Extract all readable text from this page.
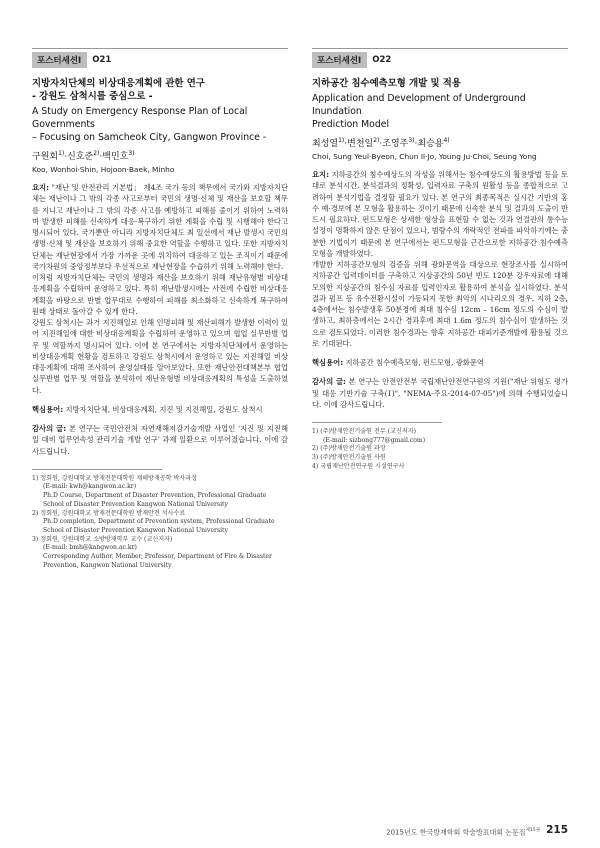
포스터세션Ⅰ	O21
지방자치단체의 비상대응계획에 관한 연구
- 강원도 삼척시를 중심으로 -
A Study on Emergency Response Plan of Local Governments
– Focusing on Samcheok City, Gangwon Province -
구원회$^{1)}$·신호준$^{2)}$·백민호$^{3)}$
Koo, Wonhoi·Shin, Hojoon·Baek, Minho
요지: "재난 및 안전관리 기본법」 제4조 국가 등의 책무에서 국가와 지방자치단체는 재난이나 그 밖의 각종 사고로부터 국민의 생명·신체 및 재산을 보호할 책무를 지니고 재난이나 그 밖의 각종 사고를 예방하고 피해를 줄이기 위하여 노력하며 발생한 피해를 신속하게 대응·복구하기 위한 계획을 수립 및 시행해야 한다고 명시되어 있다. 국가뿐만 아니라 지방자치단체도 최 일선에서 재난 발생시 국민의 생명·신체 및 재산을 보호하기 위해 중요한 역할을 수행하고 있다. 또한 지방자치단체는 재난현장에서 가장 가까운 곳에 위치하여 대응하고 있는 조직이기 때문에 국가차원의 중앙정부보다 우선적으로 재난현장을 수습하기 위해 노력해야 한다.
이처럼 지방자치단체는 국민의 생명과 재산을 보호하기 위해 재난유형별 비상대응계획을 수립하여 운영하고 있다. 특히 재난발생시에는 사전에 수립한 비상대응계획을 바탕으로 반별 업무대로 수행하여 피해를 최소화하고 신속하게 복구하여 원래 상태로 돌아갈 수 있게 한다.
강원도 삼척시는 과거 지진해일로 인해 인명피해 및 재산피해가 발생한 이력이 있어 지진해일에 대한 비상대응계획을 수립하여 운영하고 있으며 협업 실무반별 업무 및 역할까지 명시되어 있다. 이에 본 연구에서는 지방자치단체에서 운영하는 비상대응계획 현황을 검토하고 강원도 삼척시에서 운영하고 있는 지진해일 비상대응계획에 대해 조사하여 운영실태를 알아보았다. 또한 재난안전대책본부 협업 실무반별 업무 및 역할을 분석하여 재난유형별 비상대응계획의 특성을 도출하였다.
핵심용어: 지방자치단체, 비상대응계획, 지진 및 지진해일, 강원도 삼척시
감사의 글: 본 연구는 국민안전처 자연재해저감기술개발 사업인 '지진 및 지진해일 대비 업무연속성 관리기술 개발 연구' 과제 일환으로 이루어졌습니다. 이에 감사드립니다.
1) 정회원, 강원대학교 방재전문대학원 재해방재공학 박사과정
(E-mail: kwh@kangwon.ac.kr)
Ph.D Course, Department of Disaster Prevention, Professional Graduate
School of Disaster Prevention Kangwon National University
2) 정회원, 강원대학교 방재전문대학원 방재안전 석사수료
Ph.D completion, Department of Prevention system, Professional Graduate
School of Disaster Prevention Kangwon National University
3) 정회원, 강원대학교 소방방재학부 교수 (교신저자)
(E-mail: bmh@kangwon.ac.kr)
Corresponding Author, Member, Professor, Department of Fire & Disaster
Prevention, Kangwon National University
포스터세션Ⅰ	O22
지하공간 침수예측모형 개발 및 적용
Application and Development of Underground Inundation
Prediction Model
최성열$^{1)}$·변천일$^{2)}$·조영주$^{3)}$·최승용$^{4)}$
Choi, Sung Yeul·Byeon, Chun Il·Jo, Young Ju·Choi, Seung Yong
요지: 지하공간의 침수예상도의 작성을 위해서는 침수예상도의 활용방법 등을 토대로 분석시간, 분석결과의 정확성, 입력자료 구축의 원활성 등을 종합적으로 고려하여 분석기법을 결정할 필요가 있다. 본 연구의 최종목적은 실시간 기반의 홍수 예·경보에 본 모형을 활용하는 것이기 때문에 신속한 분석 및 결과의 도출이 반드시 필요하다. 펀드모형은 상세한 형상을 표현할 수 없는 것과 연결관의 통수능 설정이 명확하지 않은 단점이 있으나, 범람수의 개략적인 전파를 파악하기에는 충분한 기법이기 때문에 본 연구에서는 펀드모형을 근간으로한 지하공간 침수예측모형을 개발하였다.
개발한 지하공간모형의 검증을 위해 광화문역을 대상으로 현장조사를 실시하여 지하공간 입력데이터를 구축하고 지상공간의 50년 빈도 120분 강우자료에 대해 모의한 지상공간의 침수심 자료를 입력인자로 활용하여 분석을 실시하였다. 분석결과 펌프 등 유수전환시설이 가동되지 못한 최악의 시나리오의 경우, 지하 2층, 4층에서는 침수발생후 50분경에 최대 침수심 12cm – 16cm 정도의 수심이 발생하고, 최하층에서는 2시간 경과후에 최대 1.6m 정도의 침수심이 발생하는 것으로 검토되었다. 이러한 침수경과는 향후 지하공간 대피기준개발에 활용될 것으로 기대된다.
핵심용어: 지하공간 침수예측모형, 펀드모형, 광화문역
감사의 글: 본 연구는 안전안전부 국립재난안전연구원의 지원("재난 위험도 평가 및 대응 기반기술 구축(Ⅰ)", "NEMA-주요-2014-07-05")에 의해 수행되었습니다. 이에 감사드립니다.
1) (주)방재안전기술원 전무 (교신저자)
(E-mail: sizbong777@gmail.com)
2) (주)방재안전기술원 과장
3) (주)방재안전기술원 사원
4) 국립재난안전연구원 시설연구사
2015년도 한국방재학회 학술발표대회 논문집$^{제15권}$ 215
